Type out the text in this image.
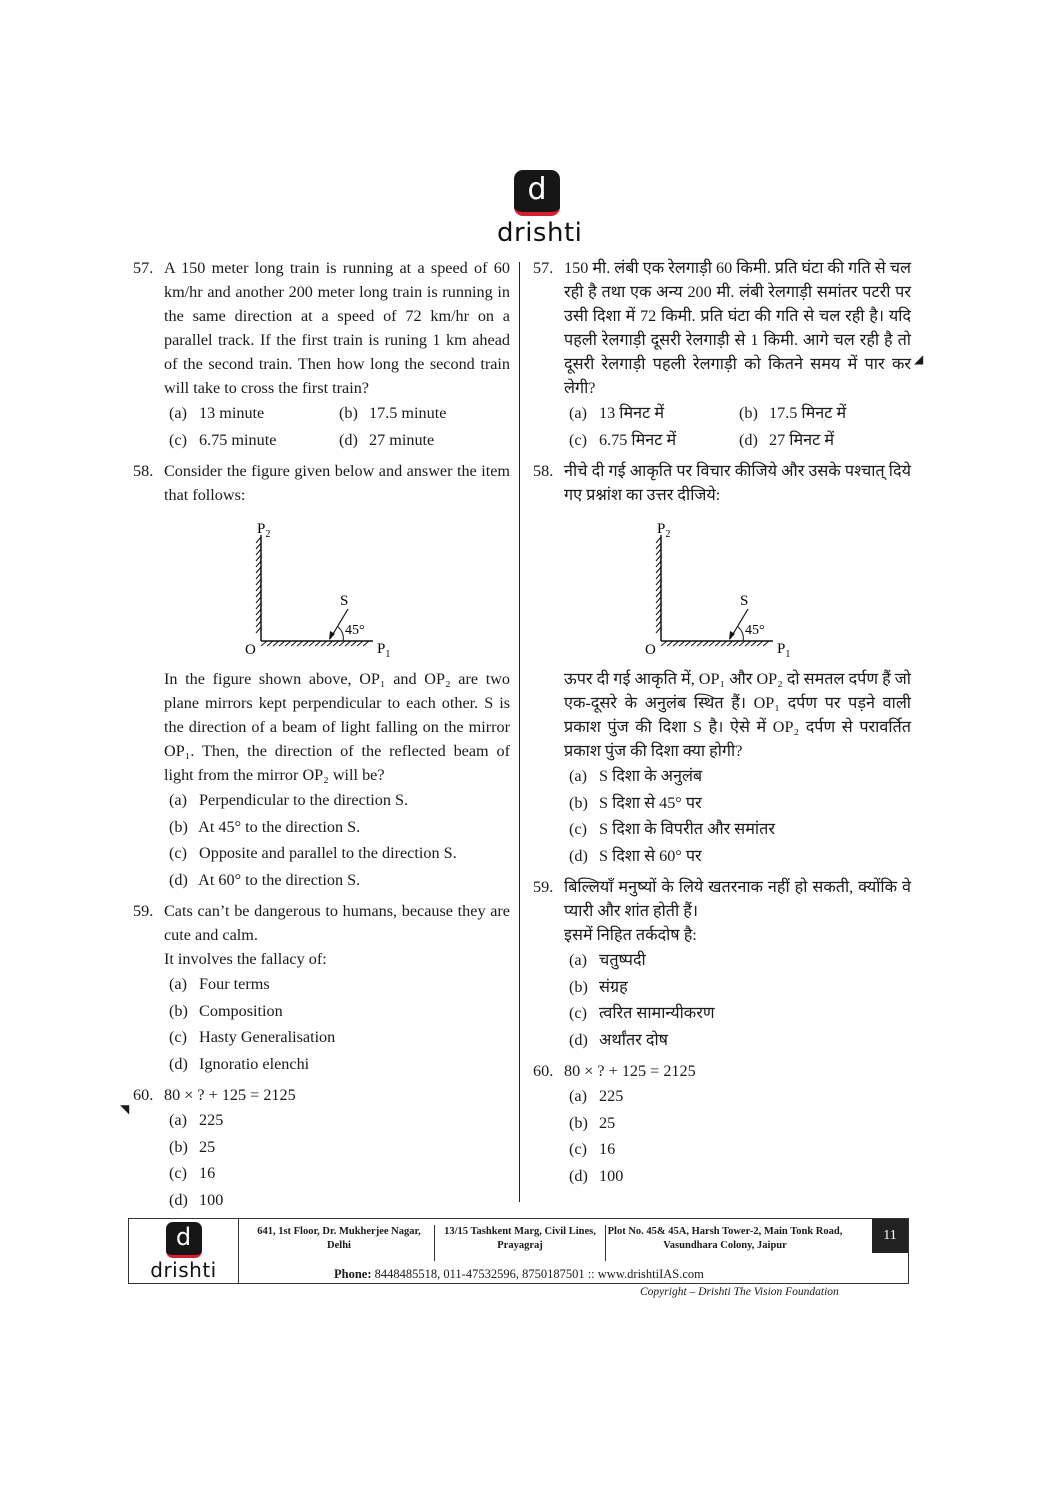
d
drishti
57. A 150 meter long train is running at a speed of 60 km/hr and another 200 meter long train is running in the same direction at a speed of 72 km/hr on a parallel track. If the first train is runing 1 km ahead of the second train. Then how long the second train will take to cross the first train?
(a) 13 minute	(b) 17.5 minute
(c) 6.75 minute	(d) 27 minute
58. Consider the figure given below and answer the item that follows:
$P_2$
O	$P_1$
S
45°
In the figure shown above, OP₁ and OP₂ are two plane mirrors kept perpendicular to each other. S is the direction of a beam of light falling on the mirror OP₁. Then, the direction of the reflected beam of light from the mirror OP₂ will be?
(a) Perpendicular to the direction S.
(b) At 45° to the direction S.
(c) Opposite and parallel to the direction S.
(d) At 60° to the direction S.
59. Cats can’t be dangerous to humans, because they are cute and calm.
It involves the fallacy of:
(a) Four terms
(b) Composition
(c) Hasty Generalisation
(d) Ignoratio elenchi
60. 80 × ? + 125 = 2125
(a) 225
(b) 25
(c) 16
(d) 100
57. 150 मी. लंबी एक रेलगाड़ी 60 किमी. प्रति घंटा की गति से चल रही है तथा एक अन्य 200 मी. लंबी रेलगाड़ी समांतर पटरी पर उसी दिशा में 72 किमी. प्रति घंटा की गति से चल रही है। यदि पहली रेलगाड़ी दूसरी रेलगाड़ी से 1 किमी. आगे चल रही है तो दूसरी रेलगाड़ी पहली रेलगाड़ी को कितने समय में पार कर लेगी?
(a) 13 मिनट में	(b) 17.5 मिनट में
(c) 6.75 मिनट में	(d) 27 मिनट में
58. नीचे दी गई आकृति पर विचार कीजिये और उसके पश्चात् दिये गए प्रश्नांश का उत्तर दीजिये:
$P_2$
O	$P_1$
S
45°
ऊपर दी गई आकृति में, OP₁ और OP₂ दो समतल दर्पण हैं जो एक-दूसरे के अनुलंब स्थित हैं। OP₁ दर्पण पर पड़ने वाली प्रकाश पुंज की दिशा S है। ऐसे में OP₂ दर्पण से परावर्तित प्रकाश पुंज की दिशा क्या होगी?
(a) S दिशा के अनुलंब
(b) S दिशा से 45° पर
(c) S दिशा के विपरीत और समांतर
(d) S दिशा से 60° पर
59. बिल्लियाँ मनुष्यों के लिये खतरनाक नहीं हो सकती, क्योंकि वे प्यारी और शांत होती हैं।
इसमें निहित तर्कदोष है:
(a) चतुष्पदी
(b) संग्रह
(c) त्वरित सामान्यीकरण
(d) अर्थांतर दोष
60. 80 × ? + 125 = 2125
(a) 225
(b) 25
(c) 16
(d) 100
◢
◥
d
drishti
641, 1st Floor, Dr. Mukherjee Nagar, Delhi
13/15 Tashkent Marg, Civil Lines, Prayagraj
Plot No. 45& 45A, Harsh Tower-2, Main Tonk Road, Vasundhara Colony, Jaipur
11
Phone: 8448485518, 011-47532596, 8750187501 :: www.drishtiIAS.com
Copyright – Drishti The Vision Foundation
